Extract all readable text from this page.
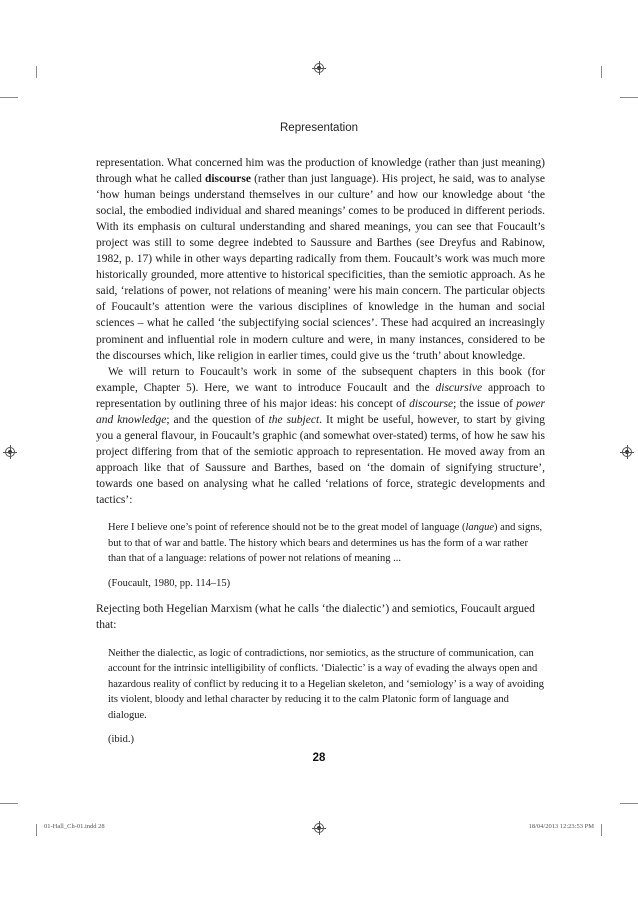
Representation

representation. What concerned him was the production of knowledge (rather than just meaning) through what he called discourse (rather than just language). His project, he said, was to analyse ‘how human beings understand themselves in our culture’ and how our knowledge about ‘the social, the embodied individual and shared meanings’ comes to be produced in different periods. With its emphasis on cultural understanding and shared meanings, you can see that Foucault’s project was still to some degree indebted to Saussure and Barthes (see Dreyfus and Rabinow, 1982, p. 17) while in other ways departing radically from them. Foucault’s work was much more historically grounded, more attentive to historical specificities, than the semiotic approach. As he said, ‘relations of power, not relations of meaning’ were his main concern. The particular objects of Foucault’s attention were the various disciplines of knowledge in the human and social sciences – what he called ‘the subjectifying social sciences’. These had acquired an increasingly prominent and influential role in modern culture and were, in many instances, considered to be the discourses which, like religion in earlier times, could give us the ‘truth’ about knowledge.

We will return to Foucault’s work in some of the subsequent chapters in this book (for example, Chapter 5). Here, we want to introduce Foucault and the discursive approach to representation by outlining three of his major ideas: his concept of discourse; the issue of power and knowledge; and the question of the subject. It might be useful, however, to start by giving you a general flavour, in Foucault’s graphic (and somewhat over-stated) terms, of how he saw his project differing from that of the semiotic approach to representation. He moved away from an approach like that of Saussure and Barthes, based on ‘the domain of signifying structure’, towards one based on analysing what he called ‘relations of force, strategic developments and tactics’:

Here I believe one’s point of reference should not be to the great model of language (langue) and signs, but to that of war and battle. The history which bears and determines us has the form of a war rather than that of a language: relations of power not relations of meaning ...

(Foucault, 1980, pp. 114–15)

Rejecting both Hegelian Marxism (what he calls ‘the dialectic’) and semiotics, Foucault argued that:

Neither the dialectic, as logic of contradictions, nor semiotics, as the structure of communication, can account for the intrinsic intelligibility of conflicts. ‘Dialectic’ is a way of evading the always open and hazardous reality of conflict by reducing it to a Hegelian skeleton, and ‘semiology’ is a way of avoiding its violent, bloody and lethal character by reducing it to the calm Platonic form of language and dialogue.

(ibid.)

28
01-Hall_Ch-01.indd 28	18/04/2013 12:23:53 PM
